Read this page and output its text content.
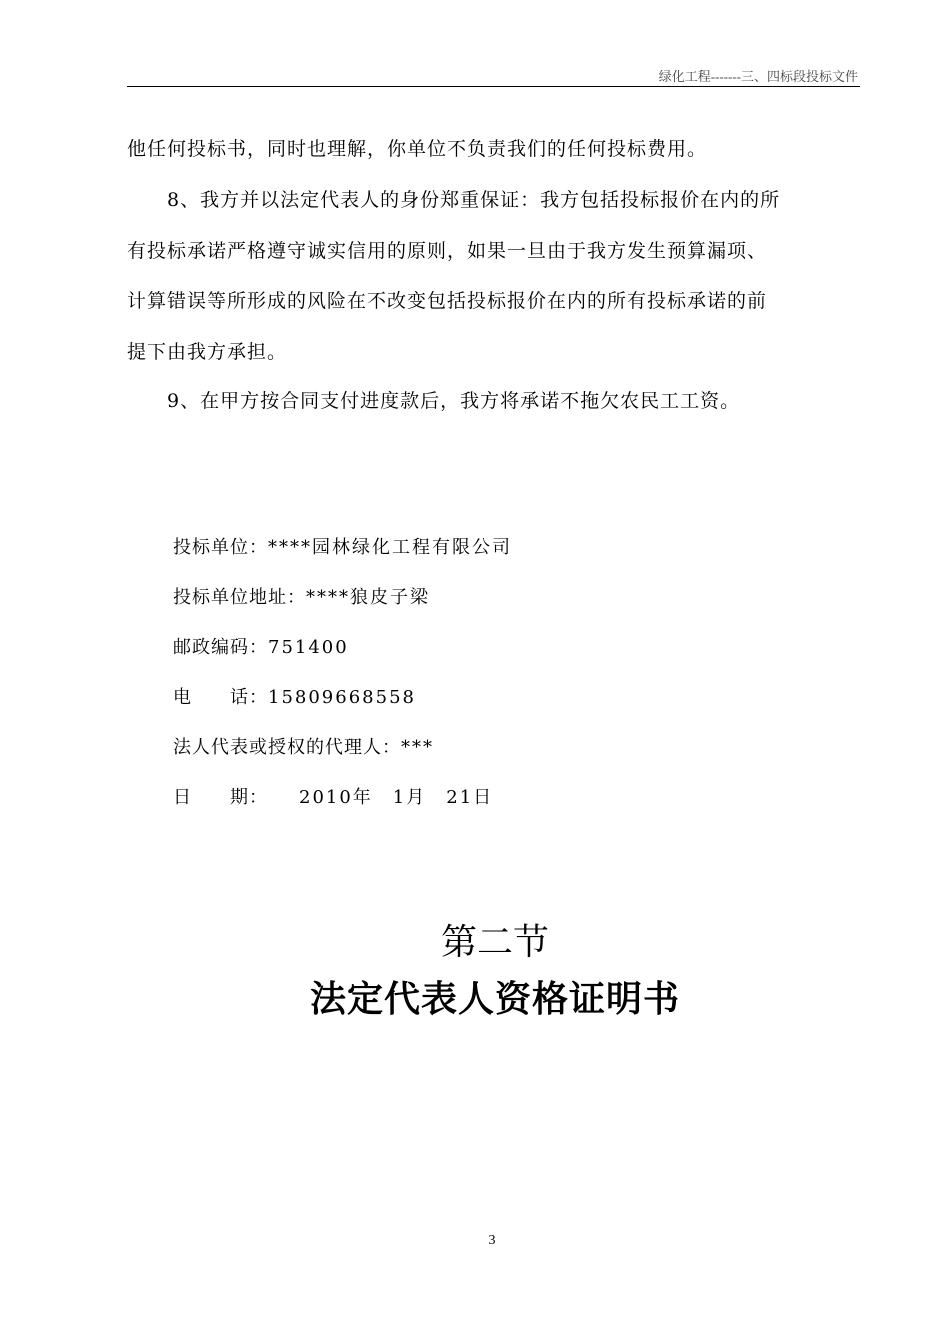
绿化工程-------三、四标段投标文件
他任何投标书，同时也理解，你单位不负责我们的任何投标费用。
　　8、我方并以法定代表人的身份郑重保证：我方包括投标报价在内的所
有投标承诺严格遵守诚实信用的原则，如果一旦由于我方发生预算漏项、
计算错误等所形成的风险在不改变包括投标报价在内的所有投标承诺的前
提下由我方承担。
　　9、在甲方按合同支付进度款后，我方将承诺不拖欠农民工工资。
投标单位：****园林绿化工程有限公司
投标单位地址：****狼皮子梁
邮政编码：751400
电　　话：15809668558
法人代表或授权的代理人：***
日　　期：　　2010年　1月　21日
第二节
法定代表人资格证明书
3
